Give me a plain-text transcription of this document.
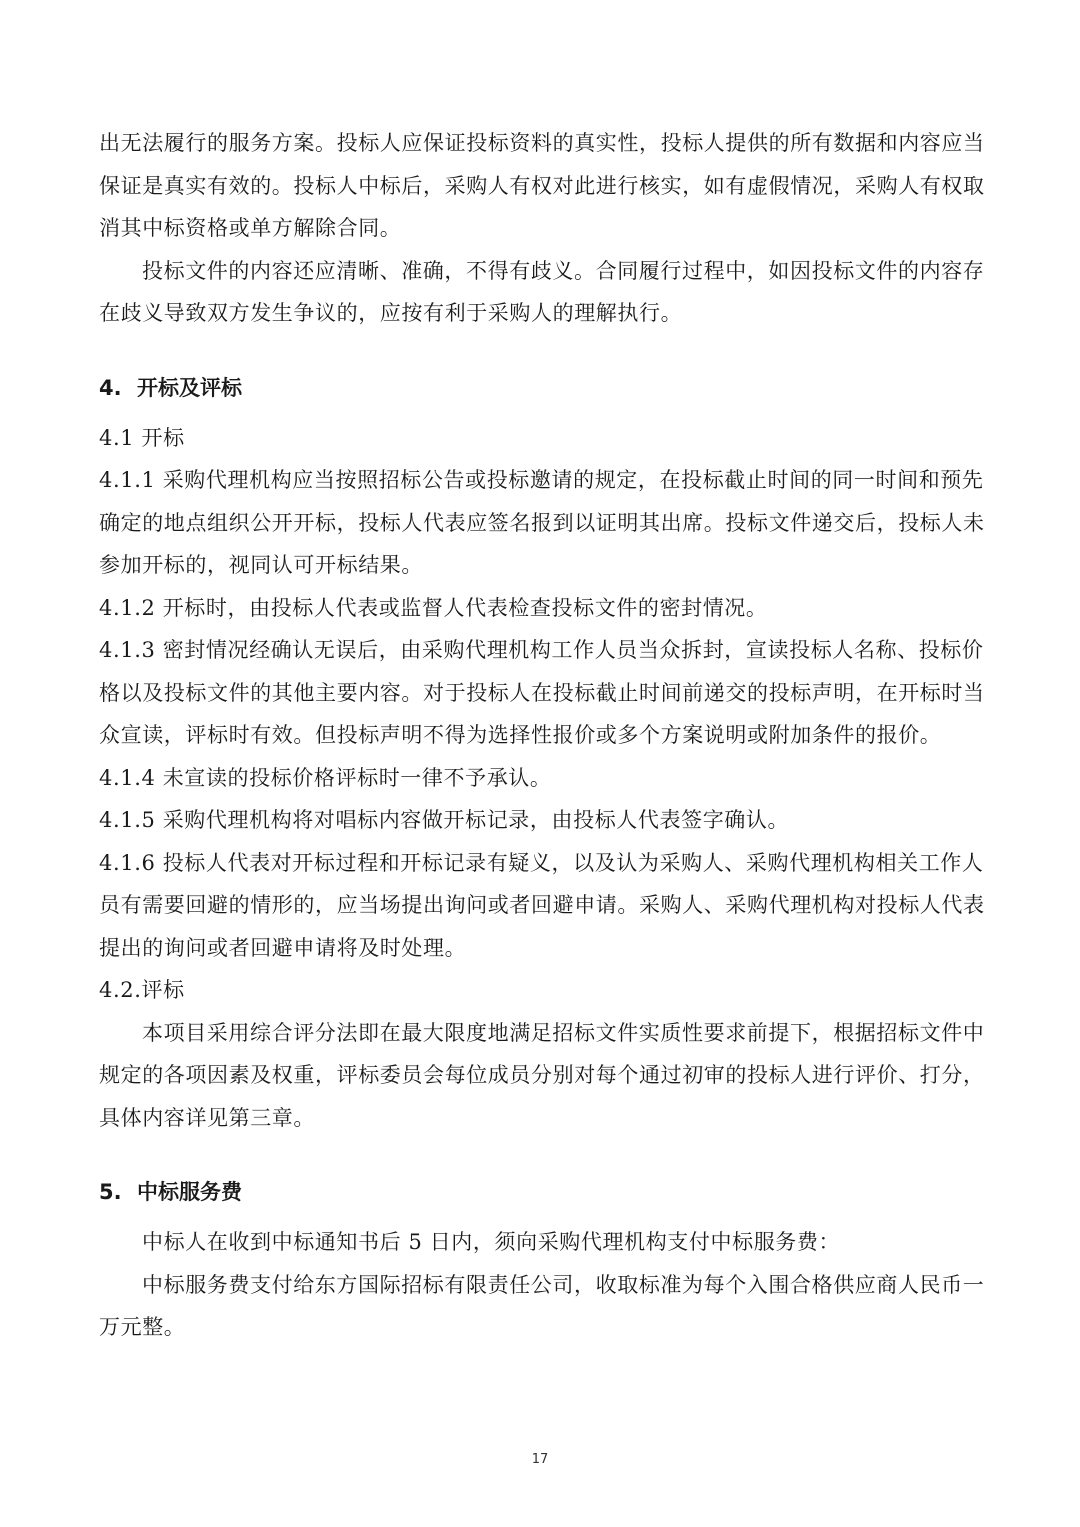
出无法履行的服务方案。投标人应保证投标资料的真实性，投标人提供的所有数据和内容应当
保证是真实有效的。投标人中标后，采购人有权对此进行核实，如有虚假情况，采购人有权取
消其中标资格或单方解除合同。
投标文件的内容还应清晰、准确，不得有歧义。合同履行过程中，如因投标文件的内容存
在歧义导致双方发生争议的，应按有利于采购人的理解执行。
4. 开标及评标
4.1 开标
4.1.1 采购代理机构应当按照招标公告或投标邀请的规定，在投标截止时间的同一时间和预先
确定的地点组织公开开标，投标人代表应签名报到以证明其出席。投标文件递交后，投标人未
参加开标的，视同认可开标结果。
4.1.2 开标时，由投标人代表或监督人代表检查投标文件的密封情况。
4.1.3 密封情况经确认无误后，由采购代理机构工作人员当众拆封，宣读投标人名称、投标价
格以及投标文件的其他主要内容。对于投标人在投标截止时间前递交的投标声明，在开标时当
众宣读，评标时有效。但投标声明不得为选择性报价或多个方案说明或附加条件的报价。
4.1.4 未宣读的投标价格评标时一律不予承认。
4.1.5 采购代理机构将对唱标内容做开标记录，由投标人代表签字确认。
4.1.6 投标人代表对开标过程和开标记录有疑义，以及认为采购人、采购代理机构相关工作人
员有需要回避的情形的，应当场提出询问或者回避申请。采购人、采购代理机构对投标人代表
提出的询问或者回避申请将及时处理。
4.2.评标
本项目采用综合评分法即在最大限度地满足招标文件实质性要求前提下，根据招标文件中
规定的各项因素及权重，评标委员会每位成员分别对每个通过初审的投标人进行评价、打分，
具体内容详见第三章。
5. 中标服务费
中标人在收到中标通知书后 5 日内，须向采购代理机构支付中标服务费：
中标服务费支付给东方国际招标有限责任公司，收取标准为每个入围合格供应商人民币一
万元整。
17
